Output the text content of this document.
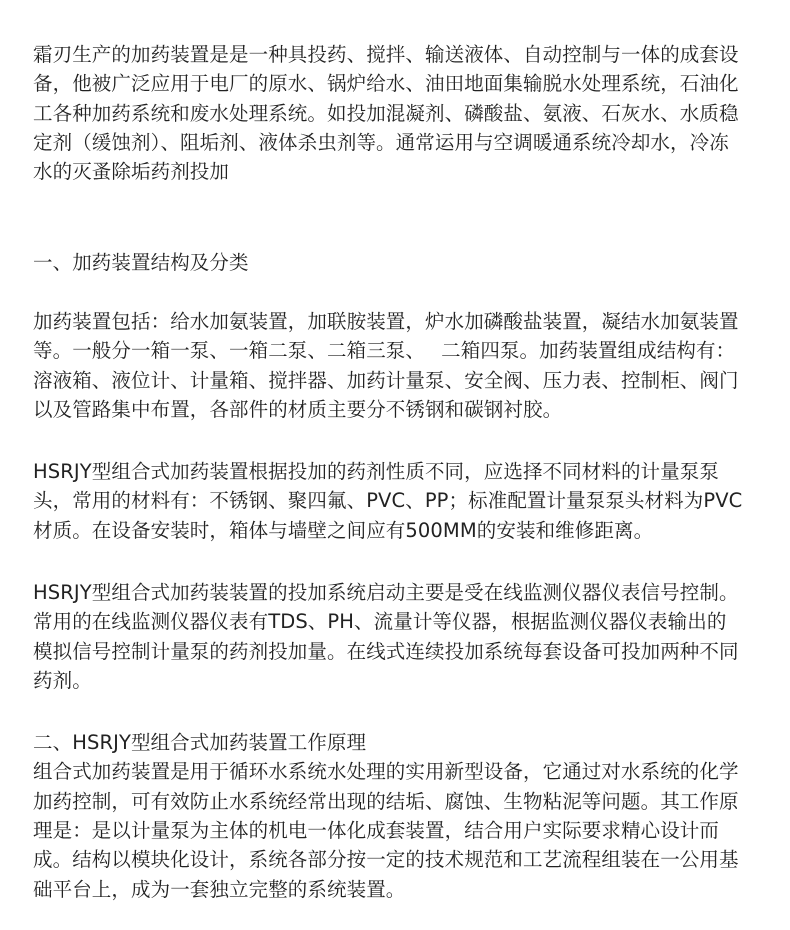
霜刃生产的加药装置是是一种具投药、搅拌、输送液体、自动控制与一体的成套设
备，他被广泛应用于电厂的原水、锅炉给水、油田地面集输脱水处理系统，石油化
工各种加药系统和废水处理系统。如投加混凝剂、磷酸盐、氨液、石灰水、水质稳
定剂（缓蚀剂）、阻垢剂、液体杀虫剂等。通常运用与空调暖通系统冷却水，冷冻
水的灭蚤除垢药剂投加
一、加药装置结构及分类
加药装置包括：给水加氨装置，加联胺装置，炉水加磷酸盐装置，凝结水加氨装置
等。一般分一箱一泵、一箱二泵、二箱三泵、　 二箱四泵。加药装置组成结构有：
溶液箱、液位计、计量箱、搅拌器、加药计量泵、安全阀、压力表、控制柜、阀门
以及管路集中布置，各部件的材质主要分不锈钢和碳钢衬胶。
HSRJY型组合式加药装置根据投加的药剂性质不同，应选择不同材料的计量泵泵
头，常用的材料有：不锈钢、聚四氟、PVC、PP；标准配置计量泵泵头材料为PVC
材质。在设备安装时，箱体与墙壁之间应有500MM的安装和维修距离。
HSRJY型组合式加药装装置的投加系统启动主要是受在线监测仪器仪表信号控制。
常用的在线监测仪器仪表有TDS、PH、流量计等仪器，根据监测仪器仪表输出的
模拟信号控制计量泵的药剂投加量。在线式连续投加系统每套设备可投加两种不同
药剂。
二、HSRJY型组合式加药装置工作原理
组合式加药装置是用于循环水系统水处理的实用新型设备，它通过对水系统的化学
加药控制，可有效防止水系统经常出现的结垢、腐蚀、生物粘泥等问题。其工作原
理是：是以计量泵为主体的机电一体化成套装置，结合用户实际要求精心设计而
成。结构以模块化设计，系统各部分按一定的技术规范和工艺流程组装在一公用基
础平台上，成为一套独立完整的系统装置。
